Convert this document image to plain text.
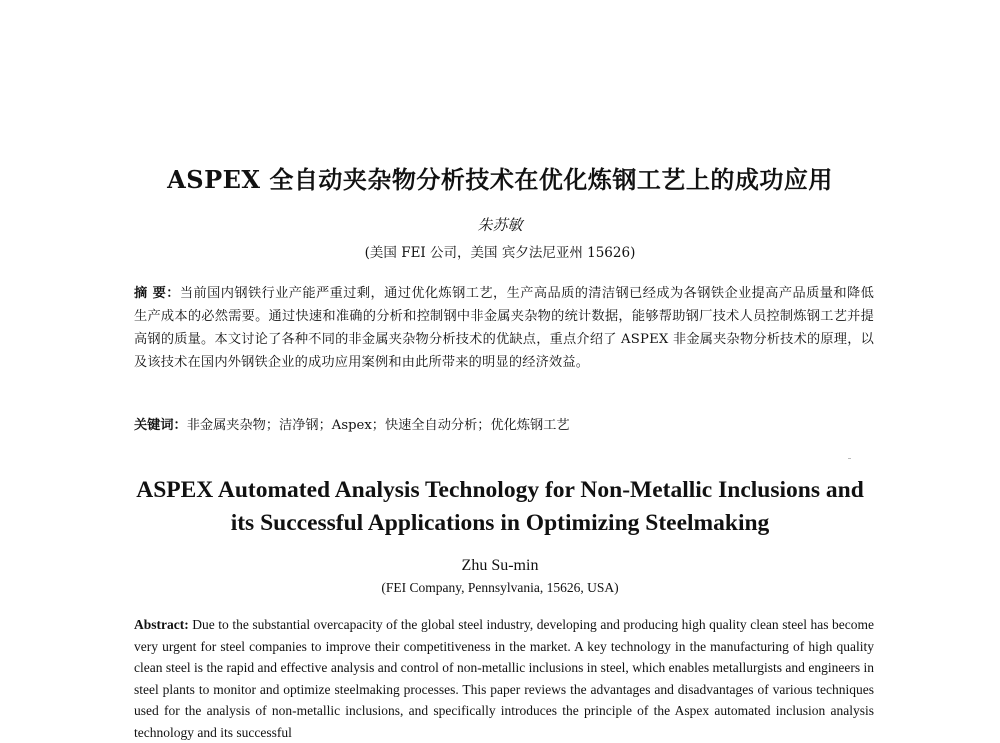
ASPEX 全自动夹杂物分析技术在优化炼钢工艺上的成功应用
朱苏敏
(美国 FEI 公司，美国 宾夕法尼亚州 15626)
摘 要：当前国内钢铁行业产能严重过剩，通过优化炼钢工艺，生产高品质的清洁钢已经成为各钢铁企业提高产品质量和降低生产成本的必然需要。通过快速和准确的分析和控制钢中非金属夹杂物的统计数据，能够帮助钢厂技术人员控制炼钢工艺并提高钢的质量。本文讨论了各种不同的非金属夹杂物分析技术的优缺点，重点介绍了 ASPEX 非金属夹杂物分析技术的原理，以及该技术在国内外钢铁企业的成功应用案例和由此所带来的明显的经济效益。
关键词：非金属夹杂物；洁净钢；Aspex；快速全自动分析；优化炼钢工艺
ASPEX Automated Analysis Technology for Non-Metallic Inclusions and
its Successful Applications in Optimizing Steelmaking
Zhu Su-min
(FEI Company, Pennsylvania, 15626, USA)
Abstract: Due to the substantial overcapacity of the global steel industry, developing and producing high quality clean steel has become very urgent for steel companies to improve their competitiveness in the market. A key technology in the manufacturing of high quality clean steel is the rapid and effective analysis and control of non-metallic inclusions in steel, which enables metallurgists and engineers in steel plants to monitor and optimize steelmaking processes. This paper reviews the advantages and disadvantages of various techniques used for the analysis of non-metallic inclusions, and specifically introduces the principle of the Aspex automated inclusion analysis technology and its successful
